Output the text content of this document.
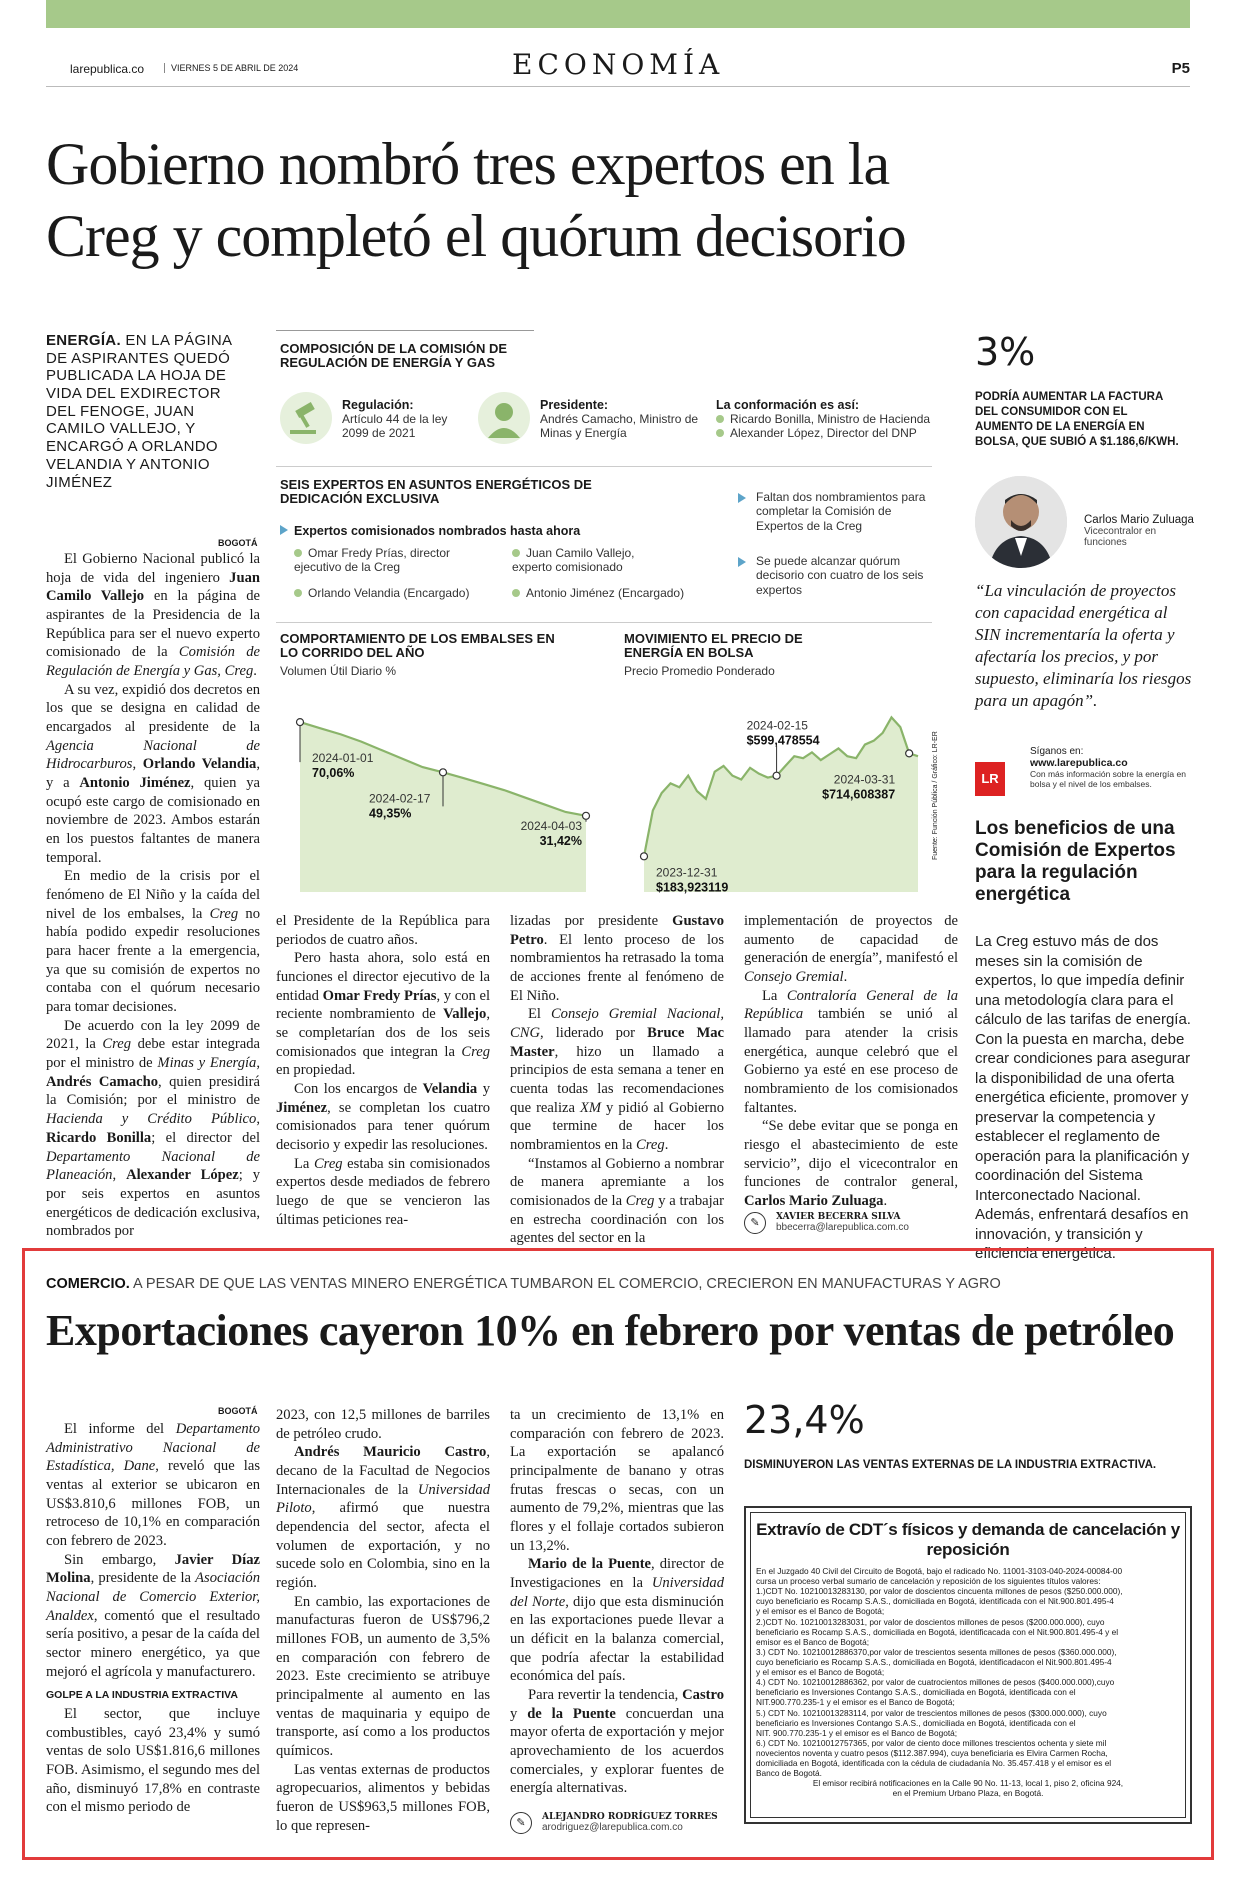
larepublica.co	VIERNES 5 DE ABRIL DE 2024	ECONOMÍA	P5
Gobierno nombró tres expertos en la
Creg y completó el quórum decisorio
ENERGÍA. EN LA PÁGINA DE ASPIRANTES QUEDÓ PUBLICADA LA HOJA DE VIDA DEL EXDIRECTOR DEL FENOGE, JUAN CAMILO VALLEJO, Y ENCARGÓ A ORLANDO VELANDIA Y ANTONIO JIMÉNEZ
BOGOTÁ

El Gobierno Nacional publicó la hoja de vida del ingeniero Juan Camilo Vallejo en la página de aspirantes de la Presidencia de la República para ser el nuevo experto comisionado de la Comisión de Regulación de Energía y Gas, Creg.

A su vez, expidió dos decretos en los que se designa en calidad de encargados al presidente de la Agencia Nacional de Hidrocarburos, Orlando Velandia, y a Antonio Jiménez, quien ya ocupó este cargo de comisionado en noviembre de 2023. Ambos estarán en los puestos faltantes de manera temporal.

En medio de la crisis por el fenómeno de El Niño y la caída del nivel de los embalses, la Creg no había podido expedir resoluciones para hacer frente a la emergencia, ya que su comisión de expertos no contaba con el quórum necesario para tomar decisiones.

De acuerdo con la ley 2099 de 2021, la Creg debe estar integrada por el ministro de Minas y Energía, Andrés Camacho, quien presidirá la Comisión; por el ministro de Hacienda y Crédito Público, Ricardo Bonilla; el director del Departamento Nacional de Planeación, Alexander López; y por seis expertos en asuntos energéticos de dedicación exclusiva, nombrados por

COMPOSICIÓN DE LA COMISIÓN DE REGULACIÓN DE ENERGÍA Y GAS
Regulación:
Artículo 44 de la ley 2099 de 2021
Presidente:
Andrés Camacho, Ministro de Minas y Energía
La conformación es así:
Ricardo Bonilla, Ministro de Hacienda
Alexander López, Director del DNP
SEIS EXPERTOS EN ASUNTOS ENERGÉTICOS DE DEDICACIÓN EXCLUSIVA
Expertos comisionados nombrados hasta ahora
Omar Fredy Prías, director ejecutivo de la Creg
Juan Camilo Vallejo, experto comisionado
Orlando Velandia (Encargado)	Antonio Jiménez (Encargado)
Faltan dos nombramientos para completar la Comisión de Expertos de la Creg
Se puede alcanzar quórum decisorio con cuatro de los seis expertos
COMPORTAMIENTO DE LOS EMBALSES EN LO CORRIDO DEL AÑO
Volumen Útil Diario %
2024-01-01
70,06%
2024-02-17
49,35%
2024-04-03
31,42%
MOVIMIENTO EL PRECIO DE ENERGÍA EN BOLSA
Precio Promedio Ponderado
2023-12-31
$183,923119
2024-02-15
$599,478554
2024-03-31
$714,608387	Fuente: Función Pública / Gráfico: LR-ER

el Presidente de la República para periodos de cuatro años.

Pero hasta ahora, solo está en funciones el director ejecutivo de la entidad Omar Fredy Prías, y con el reciente nombramiento de Vallejo, se completarían dos de los seis comisionados que integran la Creg en propiedad.

Con los encargos de Velandia y Jiménez, se completan los cuatro comisionados para tener quórum decisorio y expedir las resoluciones.

La Creg estaba sin comisionados expertos desde mediados de febrero luego de que se vencieron las últimas peticiones rea-

lizadas por presidente Gustavo Petro. El lento proceso de los nombramientos ha retrasado la toma de acciones frente al fenómeno de El Niño.

El Consejo Gremial Nacional, CNG, liderado por Bruce Mac Master, hizo un llamado a principios de esta semana a tener en cuenta todas las recomendaciones que realiza XM y pidió al Gobierno que termine de hacer los nombramientos en la Creg.

“Instamos al Gobierno a nombrar de manera apremiante a los comisionados de la Creg y a trabajar en estrecha coordinación con los agentes del sector en la

implementación de proyectos de aumento de capacidad de generación de energía”, manifestó el Consejo Gremial.

La Contraloría General de la República también se unió al llamado para atender la crisis energética, aunque celebró que el Gobierno ya esté en ese proceso de nombramiento de los comisionados faltantes.

“Se debe evitar que se ponga en riesgo el abastecimiento de este servicio”, dijo el vicecontralor en funciones de contralor general, Carlos Mario Zuluaga.

✎ XAVIER BECERRA SILVA
bbecerra@larepublica.com.co
3%
PODRÍA AUMENTAR LA FACTURA DEL CONSUMIDOR CON EL AUMENTO DE LA ENERGÍA EN BOLSA, QUE SUBIÓ A $1.186,6/KWH.
Carlos Mario Zuluaga
Vicecontralor en funciones
“La vinculación de proyectos con capacidad energética al SIN incrementaría la oferta y afectaría los precios, y por supuesto, eliminaría los riesgos para un apagón”.
LR
Síganos en:
www.larepublica.co
Con más información sobre la energía en bolsa y el nivel de los embalses.
Los beneficios de una Comisión de Expertos para la regulación energética
La Creg estuvo más de dos meses sin la comisión de expertos, lo que impedía definir una metodología clara para el cálculo de las tarifas de energía. Con la puesta en marcha, debe crear condiciones para asegurar la disponibilidad de una oferta energética eficiente, promover y preservar la competencia y establecer el reglamento de operación para la planificación y coordinación del Sistema Interconectado Nacional. Además, enfrentará desafíos en innovación, y transición y eficiencia energética.
COMERCIO. A PESAR DE QUE LAS VENTAS MINERO ENERGÉTICA TUMBARON EL COMERCIO, CRECIERON EN MANUFACTURAS Y AGRO
Exportaciones cayeron 10% en febrero por ventas de petróleo
BOGOTÁ

El informe del Departamento Administrativo Nacional de Estadística, Dane, reveló que las ventas al exterior se ubicaron en US$3.810,6 millones FOB, un retroceso de 10,1% en comparación con febrero de 2023.

Sin embargo, Javier Díaz Molina, presidente de la Asociación Nacional de Comercio Exterior, Analdex, comentó que el resultado sería positivo, a pesar de la caída del sector minero energético, ya que mejoró el agrícola y manufacturero.

GOLPE A LA INDUSTRIA EXTRACTIVA

El sector, que incluye combustibles, cayó 23,4% y sumó ventas de solo US$1.816,6 millones FOB. Asimismo, el segundo mes del año, disminuyó 17,8% en contraste con el mismo periodo de

2023, con 12,5 millones de barriles de petróleo crudo.

Andrés Mauricio Castro, decano de la Facultad de Negocios Internacionales de la Universidad Piloto, afirmó que nuestra dependencia del sector, afecta el volumen de exportación, y no sucede solo en Colombia, sino en la región.

En cambio, las exportaciones de manufacturas fueron de US$796,2 millones FOB, un aumento de 3,5% en comparación con febrero de 2023. Este crecimiento se atribuye principalmente al aumento en las ventas de maquinaria y equipo de transporte, así como a los productos químicos.

Las ventas externas de productos agropecuarios, alimentos y bebidas fueron de US$963,5 millones FOB, lo que represen-

ta un crecimiento de 13,1% en comparación con febrero de 2023. La exportación se apalancó principalmente de banano y otras frutas frescas o secas, con un aumento de 79,2%, mientras que las flores y el follaje cortados subieron un 13,2%.

Mario de la Puente, director de Investigaciones en la Universidad del Norte, dijo que esta disminución en las exportaciones puede llevar a un déficit en la balanza comercial, que podría afectar la estabilidad económica del país.

Para revertir la tendencia, Castro y de la Puente concuerdan una mayor oferta de exportación y mejor aprovechamiento de los acuerdos comerciales, y explorar fuentes de energía alternativas.

✎ ALEJANDRO RODRÍGUEZ TORRES
arodriguez@larepublica.com.co
23,4%
DISMINUYERON LAS VENTAS EXTERNAS DE LA INDUSTRIA EXTRACTIVA.
Extravío de CDT´s físicos y demanda de cancelación y reposición
En el Juzgado 40 Civil del Circuito de Bogotá, bajo el radicado No. 11001-3103-040-2024-00084-00
cursa un proceso verbal sumario de cancelación y reposición de los siguientes títulos valores:
1.)CDT No. 10210013283130, por valor de doscientos cincuenta millones de pesos ($250.000.000),
cuyo beneficiario es Rocamp S.A.S., domiciliada en Bogotá, identificada con el Nit.900.801.495-4
y el emisor es el Banco de Bogotá;
2.)CDT No. 10210013283031, por valor de doscientos millones de pesos ($200.000.000), cuyo
beneficiario es Rocamp S.A.S., domiciliada en Bogotá, identificacada con el Nit.900.801.495-4 y el
emisor es el Banco de Bogotá;
3.) CDT No. 10210012886370,por valor de trescientos sesenta millones de pesos ($360.000.000),
cuyo beneficiario es Rocamp S.A.S., domiciliada en Bogotá, identificadacon el Nit.900.801.495-4
y el emisor es el Banco de Bogotá;
4.) CDT No. 10210012886362, por valor de cuatrocientos millones de pesos ($400.000.000),cuyo
beneficiario es Inversiones Contango S.A.S., domiciliada en Bogotá, identificada con el
NIT.900.770.235-1 y el emisor es el Banco de Bogotá;
5.) CDT No. 10210013283114, por valor de trescientos millones de pesos ($300.000.000), cuyo
beneficiario es Inversiones Contango S.A.S., domiciliada en Bogotá, identificada con el
NIT. 900.770.235-1 y el emisor es el Banco de Bogotá;
6.) CDT No. 10210012757365, por valor de ciento doce millones trescientos ochenta y siete mil
novecientos noventa y cuatro pesos ($112.387.994), cuya beneficiaria es Elvira Carmen Rocha,
domiciliada en Bogotá, identificada con la cédula de ciudadanía No. 35.457.418 y el emisor es el
Banco de Bogotá.
El emisor recibirá notificaciones en la Calle 90 No. 11-13, local 1, piso 2, oficina 924,
en el Premium Urbano Plaza, en Bogotá.
